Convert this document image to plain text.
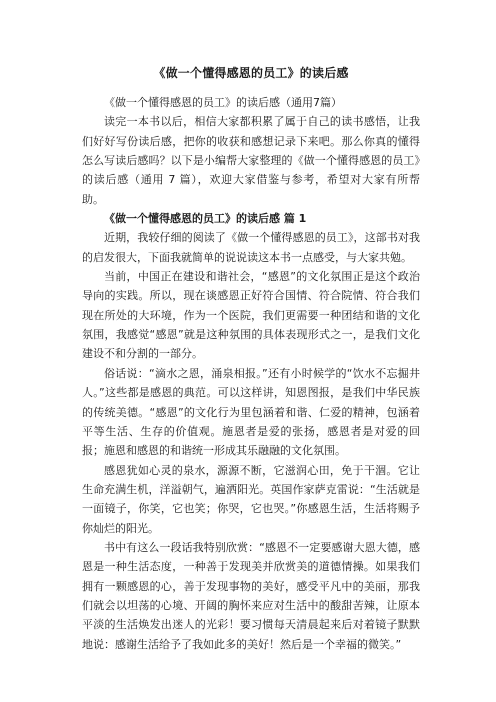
《做一个懂得感恩的员工》的读后感

《做一个懂得感恩的员工》的读后感（通用7篇）

读完一本书以后，相信大家都积累了属于自己的读书感悟，让我们好好写份读后感，把你的收获和感想记录下来吧。那么你真的懂得怎么写读后感吗？以下是小编帮大家整理的《做一个懂得感恩的员工》的读后感（通用 7 篇），欢迎大家借鉴与参考，希望对大家有所帮助。

《做一个懂得感恩的员工》的读后感 篇 1

近期，我较仔细的阅读了《做一个懂得感恩的员工》，这部书对我的启发很大，下面我就简单的说说读这本书一点感受，与大家共勉。

当前，中国正在建设和谐社会，“感恩”的文化氛围正是这个政治导向的实践。所以，现在谈感恩正好符合国情、符合院情、符合我们现在所处的大环境，作为一个医院，我们更需要一种团结和谐的文化氛围，我感觉“感恩”就是这种氛围的具体表现形式之一，是我们文化建设不和分割的一部分。

俗话说：“滴水之恩，涌泉相报。”还有小时候学的“饮水不忘掘井人。”这些都是感恩的典范。可以这样讲，知恩图报，是我们中华民族的传统美德。“感恩”的文化行为里包涵着和谐、仁爱的精神，包涵着平等生活、生存的价值观。施恩者是爱的张扬，感恩者是对爱的回报；施恩和感恩的和谐统一形成其乐融融的文化氛围。

感恩犹如心灵的泉水，源源不断，它滋润心田，免于干涸。它让生命充满生机，洋溢朝气，遍洒阳光。英国作家萨克雷说：“生活就是一面镜子，你笑，它也笑；你哭，它也哭。”你感恩生活，生活将赐予你灿烂的阳光。

书中有这么一段话我特别欣赏：“感恩不一定要感谢大恩大德，感恩是一种生活态度，一种善于发现美并欣赏美的道德情操。如果我们拥有一颗感恩的心，善于发现事物的美好，感受平凡中的美丽，那我们就会以坦荡的心境、开阔的胸怀来应对生活中的酸甜苦辣，让原本平淡的生活焕发出迷人的光彩！要习惯每天清晨起来后对着镜子默默地说：感谢生活给予了我如此多的美好！然后是一个幸福的微笑。”
